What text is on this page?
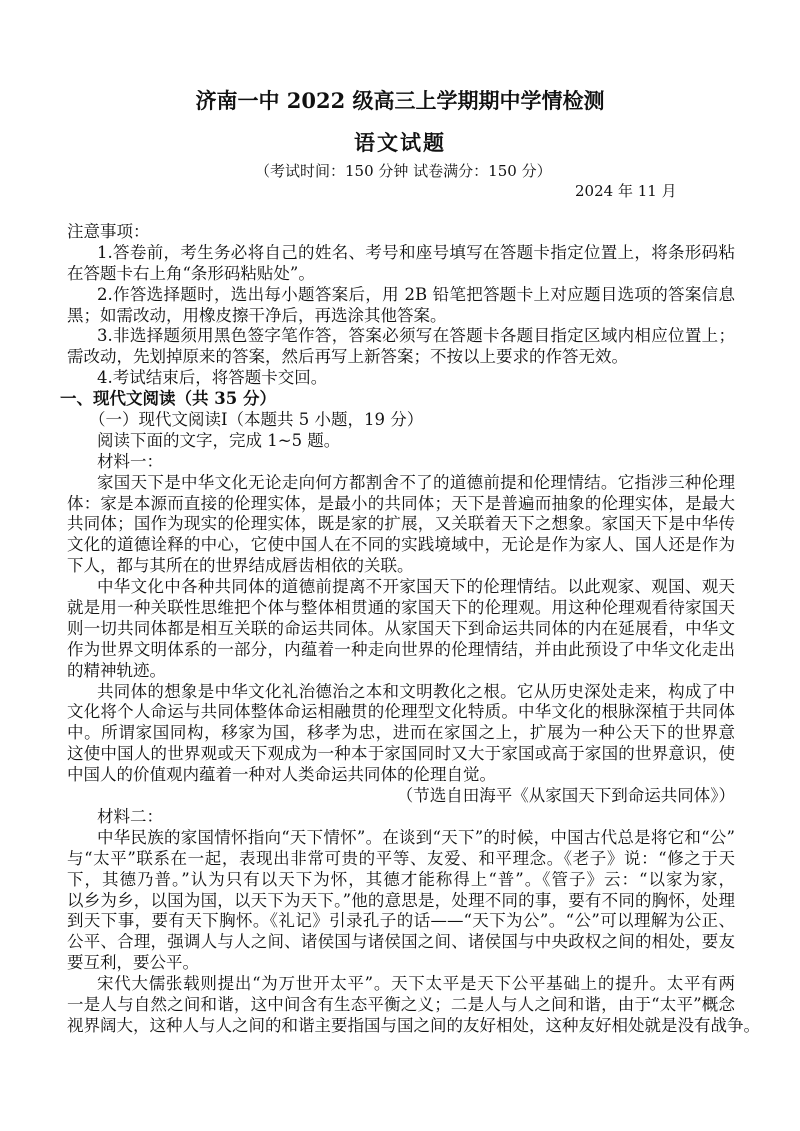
济南一中 2022 级高三上学期期中学情检测
语文试题
（考试时间：150 分钟 试卷满分：150 分）
2024 年 11 月
注意事项：
1.答卷前，考生务必将自己的姓名、考号和座号填写在答题卡指定位置上，将条形码粘
在答题卡右上角“条形码粘贴处”。
2.作答选择题时，选出每小题答案后，用 2B 铅笔把答题卡上对应题目选项的答案信息
黑；如需改动，用橡皮擦干净后，再选涂其他答案。
3.非选择题须用黑色签字笔作答，答案必须写在答题卡各题目指定区域内相应位置上；
需改动，先划掉原来的答案，然后再写上新答案；不按以上要求的作答无效。
4.考试结束后，将答题卡交回。
一、现代文阅读（共 35 分）
（一）现代文阅读Ⅰ（本题共 5 小题，19 分）
阅读下面的文字，完成 1~5 题。
材料一：
家国天下是中华文化无论走向何方都割舍不了的道德前提和伦理情结。它指涉三种伦理
体：家是本源而直接的伦理实体，是最小的共同体；天下是普遍而抽象的伦理实体，是最大
共同体；国作为现实的伦理实体，既是家的扩展，又关联着天下之想象。家国天下是中华传
文化的道德诠释的中心，它使中国人在不同的实践境域中，无论是作为家人、国人还是作为
下人，都与其所在的世界结成唇齿相依的关联。
中华文化中各种共同体的道德前提离不开家国天下的伦理情结。以此观家、观国、观天
就是用一种关联性思维把个体与整体相贯通的家国天下的伦理观。用这种伦理观看待家国天
则一切共同体都是相互关联的命运共同体。从家国天下到命运共同体的内在延展看，中华文
作为世界文明体系的一部分，内蕴着一种走向世界的伦理情结，并由此预设了中华文化走出
的精神轨迹。
共同体的想象是中华文化礼治德治之本和文明教化之根。它从历史深处走来，构成了中
文化将个人命运与共同体整体命运相融贯的伦理型文化特质。中华文化的根脉深植于共同体
中。所谓家国同构，移家为国，移孝为忠，进而在家国之上，扩展为一种公天下的世界意
这使中国人的世界观或天下观成为一种本于家国同时又大于家国或高于家国的世界意识，使
中国人的价值观内蕴着一种对人类命运共同体的伦理自觉。
（节选自田海平《从家国天下到命运共同体》）
材料二：
中华民族的家国情怀指向“天下情怀”。在谈到“天下”的时候，中国古代总是将它和“公”
与“太平”联系在一起，表现出非常可贵的平等、友爱、和平理念。《老子》说：“修之于天
下，其德乃普。”认为只有以天下为怀，其德才能称得上“普”。《管子》云：“以家为家，
以乡为乡，以国为国，以天下为天下。”他的意思是，处理不同的事，要有不同的胸怀，处理
到天下事，要有天下胸怀。《礼记》引录孔子的话——“天下为公”。“公”可以理解为公正、
公平、合理，强调人与人之间、诸侯国与诸侯国之间、诸侯国与中央政权之间的相处，要友
要互利，要公平。
宋代大儒张载则提出“为万世开太平”。天下太平是天下公平基础上的提升。太平有两
一是人与自然之间和谐，这中间含有生态平衡之义；二是人与人之间和谐，由于“太平”概念
视界阔大，这种人与人之间的和谐主要指国与国之间的友好相处，这种友好相处就是没有战争。
